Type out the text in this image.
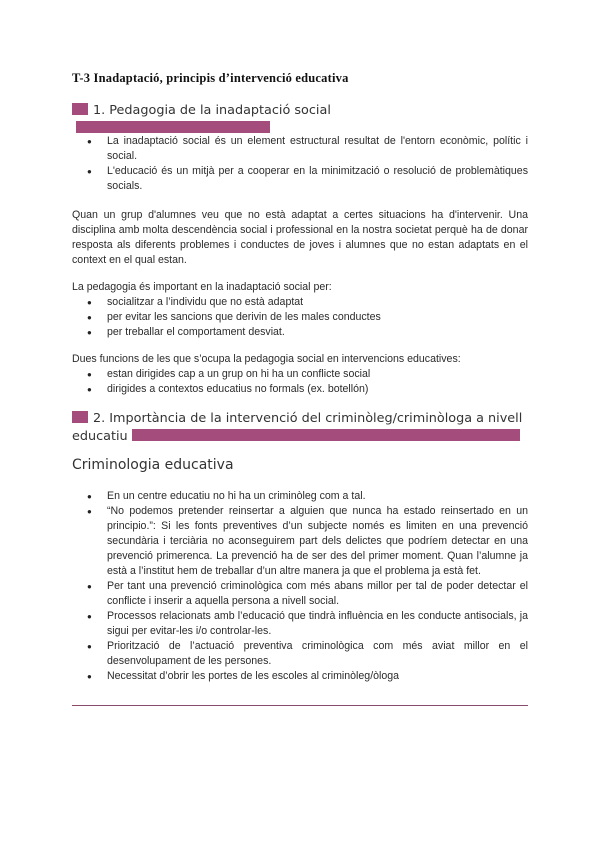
T-3 Inadaptació, principis d’intervenció educativa
1. Pedagogia de la inadaptació social
● La inadaptació social és un element estructural resultat de l'entorn econòmic, polític i social.
● L'educació és un mitjà per a cooperar en la minimització o resolució de problemàtiques socials.

Quan un grup d'alumnes veu que no està adaptat a certes situacions ha d'intervenir. Una disciplina amb molta descendència social i professional en la nostra societat perquè ha de donar resposta als diferents problemes i conductes de joves i alumnes que no estan adaptats en el context en el qual estan.

La pedagogia és important en la inadaptació social per:

● socialitzar a l’individu que no està adaptat
● per evitar les sancions que derivin de les males conductes
● per treballar el comportament desviat.

Dues funcions de les que s’ocupa la pedagogia social en intervencions educatives:

● estan dirigides cap a un grup on hi ha un conflicte social
● dirigides a contextos educatius no formals (ex. botellón)
2. Importància de la intervenció del criminòleg/criminòloga a nivell
educatiu
Criminologia educativa
● En un centre educatiu no hi ha un criminòleg com a tal.
● “No podemos pretender reinsertar a alguien que nunca ha estado reinsertado en un principio.”: Si les fonts preventives d’un subjecte només es limiten en una prevenció secundària i terciària no aconseguirem part dels delictes que podríem detectar en una prevenció primerenca. La prevenció ha de ser des del primer moment. Quan l’alumne ja està a l’institut hem de treballar d’un altre manera ja que el problema ja està fet.
● Per tant una prevenció criminològica com més abans millor per tal de poder detectar el conflicte i inserir a aquella persona a nivell social.
● Processos relacionats amb l’educació que tindrà influència en les conducte antisocials, ja sigui per evitar-les i/o controlar-les.
● Priorització de l’actuació preventiva criminològica com més aviat millor en el desenvolupament de les persones.
● Necessitat d’obrir les portes de les escoles al criminòleg/òloga
